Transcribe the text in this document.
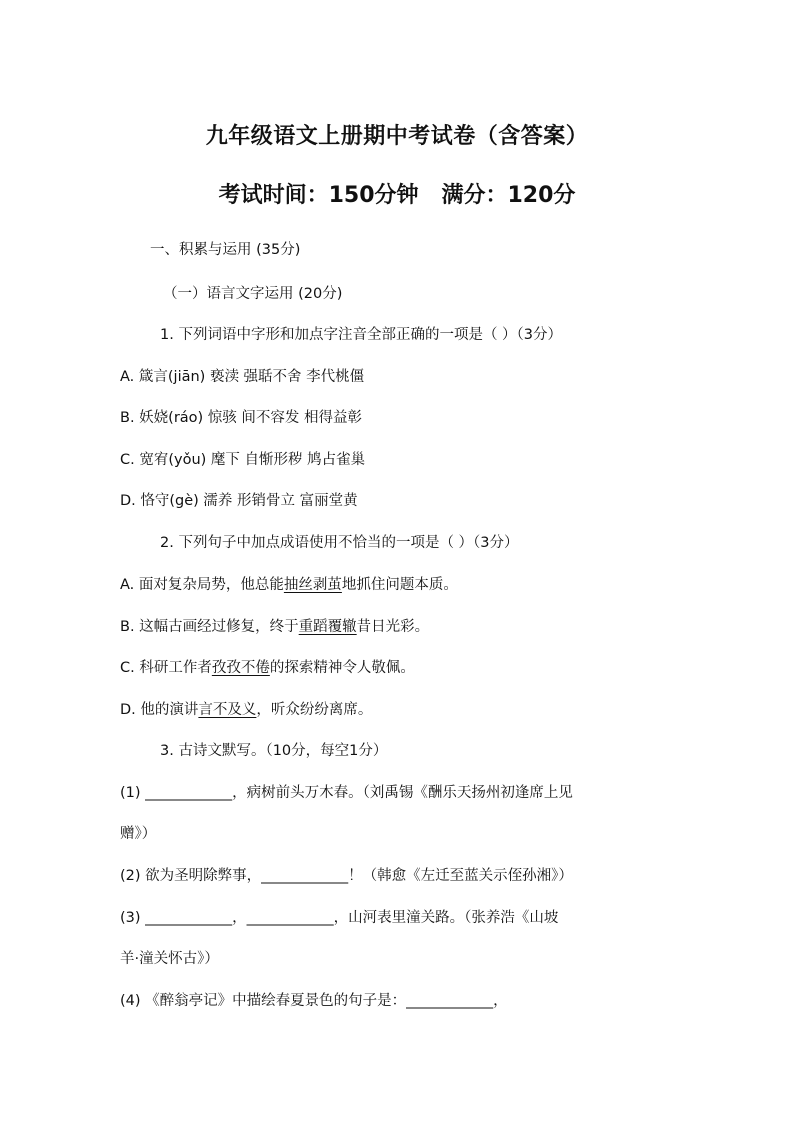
九年级语文上册期中考试卷（含答案）
考试时间：150分钟   满分：120分
一、积累与运用 (35分)
（一）语言文字运用 (20分)
1. 下列词语中字形和加点字注音全部正确的一项是（ ）（3分）
A. 箴言(jiān) 亵渎 强聒不舍 李代桃僵
B. 妖娆(ráo) 惊骇 间不容发 相得益彰
C. 宽宥(yǒu) 麾下 自惭形秽 鸠占雀巢
D. 恪守(gè) 濡养 形销骨立 富丽堂黄
2. 下列句子中加点成语使用不恰当的一项是（ ）（3分）
A. 面对复杂局势，他总能抽丝剥茧地抓住问题本质。
B. 这幅古画经过修复，终于重蹈覆辙昔日光彩。
C. 科研工作者孜孜不倦的探索精神令人敬佩。
D. 他的演讲言不及义，听众纷纷离席。
3. 古诗文默写。（10分，每空1分）
(1) ____________，病树前头万木春。（刘禹锡《酬乐天扬州初逢席上见
赠》）
(2) 欲为圣明除弊事，____________！（韩愈《左迁至蓝关示侄孙湘》）
(3) ____________，____________，山河表里潼关路。（张养浩《山坡
羊·潼关怀古》）
(4) 《醉翁亭记》中描绘春夏景色的句子是：____________，
